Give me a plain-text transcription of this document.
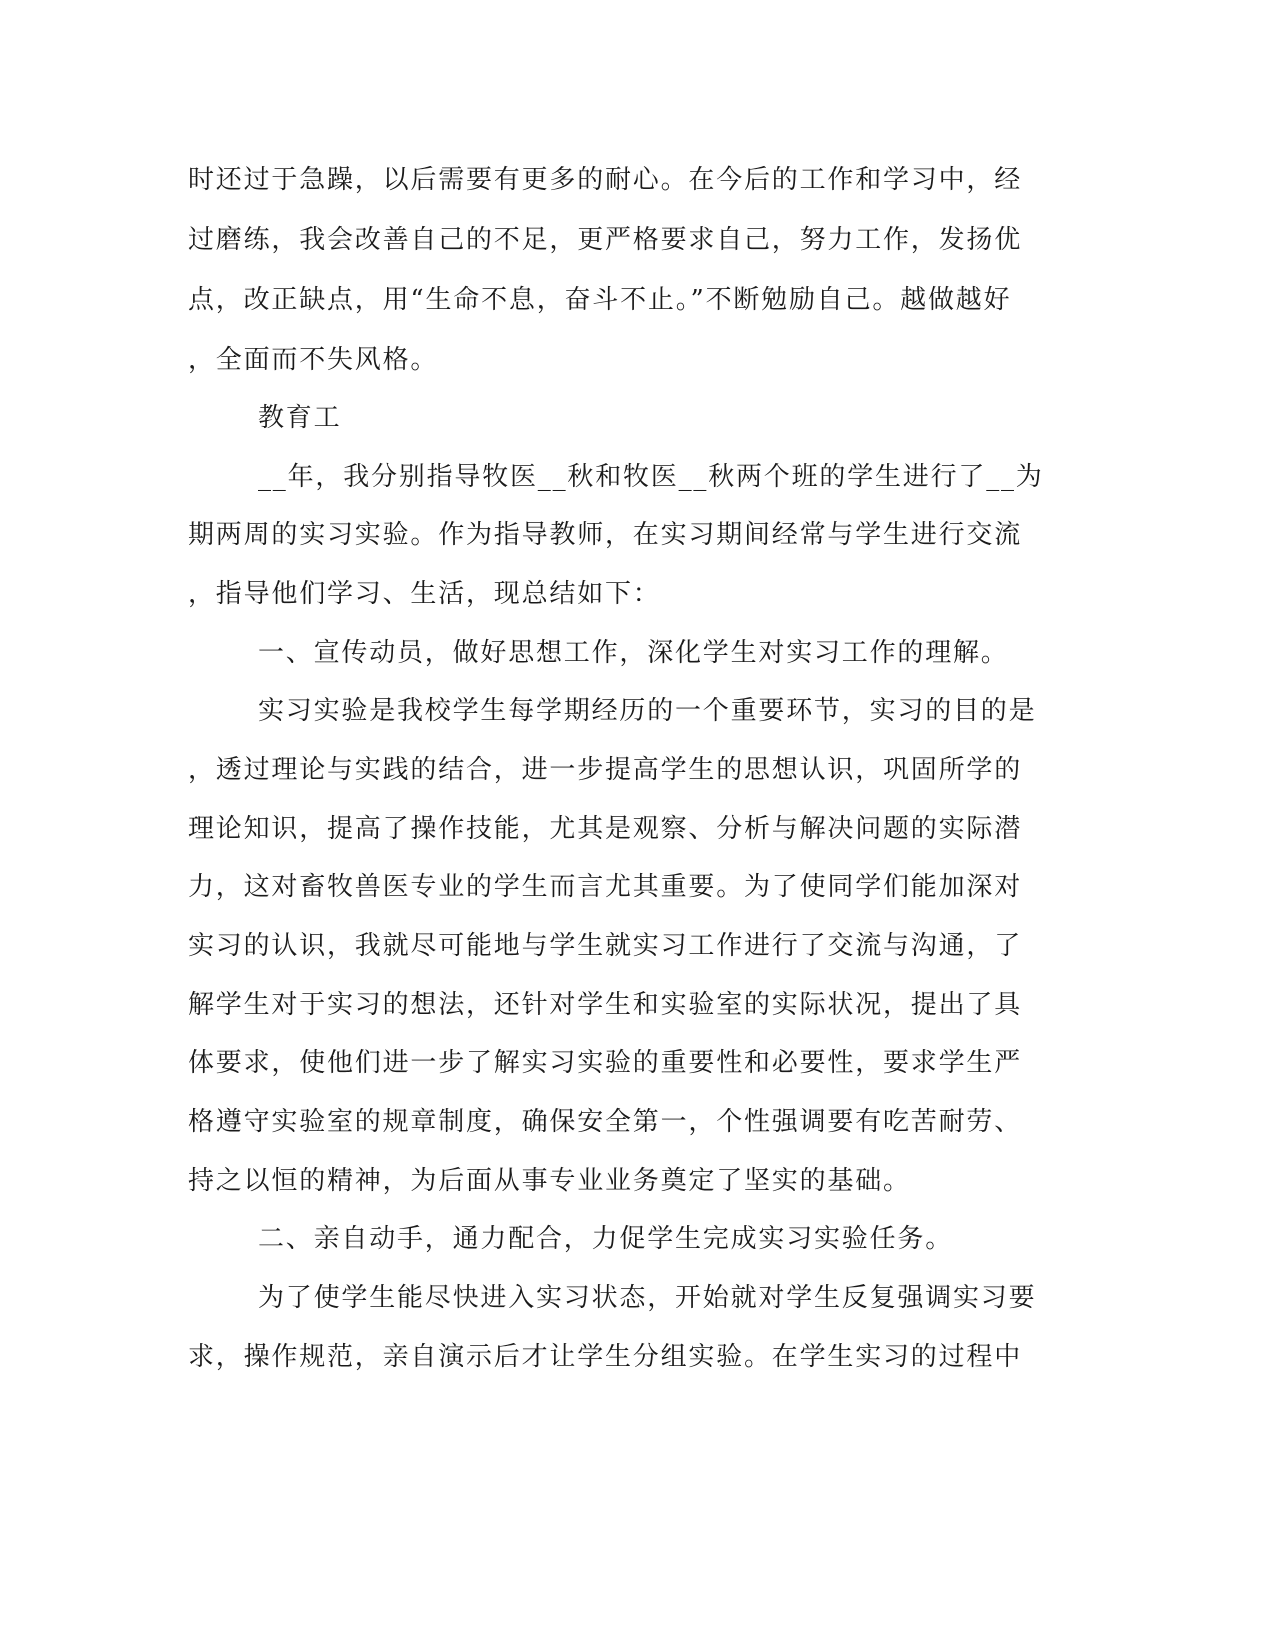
时还过于急躁，以后需要有更多的耐心。在今后的工作和学习中，经

过磨练，我会改善自己的不足，更严格要求自己，努力工作，发扬优

点，改正缺点，用“生命不息，奋斗不止。”不断勉励自己。越做越好

，全面而不失风格。

教育工

__年，我分别指导牧医__秋和牧医__秋两个班的学生进行了__为

期两周的实习实验。作为指导教师，在实习期间经常与学生进行交流

，指导他们学习、生活，现总结如下：

一、宣传动员，做好思想工作，深化学生对实习工作的理解。

实习实验是我校学生每学期经历的一个重要环节，实习的目的是

，透过理论与实践的结合，进一步提高学生的思想认识，巩固所学的

理论知识，提高了操作技能，尤其是观察、分析与解决问题的实际潜

力，这对畜牧兽医专业的学生而言尤其重要。为了使同学们能加深对

实习的认识，我就尽可能地与学生就实习工作进行了交流与沟通，了

解学生对于实习的想法，还针对学生和实验室的实际状况，提出了具

体要求，使他们进一步了解实习实验的重要性和必要性，要求学生严

格遵守实验室的规章制度，确保安全第一，个性强调要有吃苦耐劳、

持之以恒的精神，为后面从事专业业务奠定了坚实的基础。

二、亲自动手，通力配合，力促学生完成实习实验任务。

为了使学生能尽快进入实习状态，开始就对学生反复强调实习要

求，操作规范，亲自演示后才让学生分组实验。在学生实习的过程中
